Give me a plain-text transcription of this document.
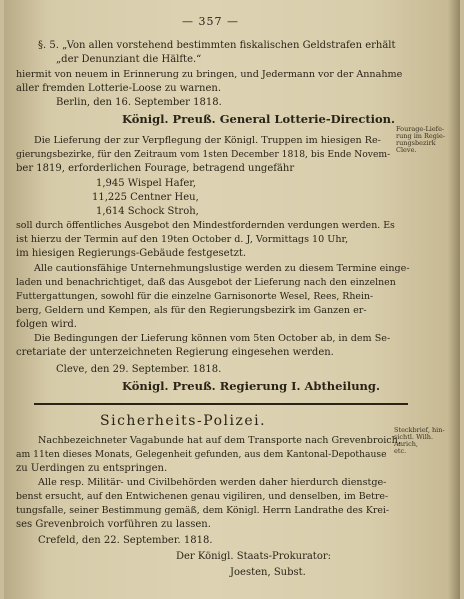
— 357 —
§. 5. „Von allen vorstehend bestimmten fiskalischen Geldstrafen erhält
„der Denunziant die Hälfte.“
hiermit von neuem in Erinnerung zu bringen, und Jedermann vor der Annahme
aller fremden Lotterie-Loose zu warnen.
Berlin, den 16. September 1818.
Königl. Preuß. General Lotterie-Direction.
Die Lieferung der zur Verpflegung der Königl. Truppen im hiesigen Re-
gierungsbezirke, für den Zeitraum vom 1sten December 1818, bis Ende Novem-
ber 1819, erforderlichen Fourage, betragend ungefähr
1,945 Wispel Hafer,
11,225 Centner Heu,
1,614 Schock Stroh,
soll durch öffentliches Ausgebot den Mindestfordernden verdungen werden. Es
ist hierzu der Termin auf den 19ten October d. J, Vormittags 10 Uhr,
im hiesigen Regierungs-Gebäude festgesetzt.
Alle cautionsfähige Unternehmungslustige werden zu diesem Termine einge-
laden und benachrichtiget, daß das Ausgebot der Lieferung nach den einzelnen
Futtergattungen, sowohl für die einzelne Garnisonorte Wesel, Rees, Rhein-
berg, Geldern und Kempen, als für den Regierungsbezirk im Ganzen er-
folgen wird.
Die Bedingungen der Lieferung können vom 5ten October ab, in dem Se-
cretariate der unterzeichneten Regierung eingesehen werden.
Cleve, den 29. September. 1818.
Königl. Preuß. Regierung I. Abtheilung.
Fourage-Liefe-
rung im Regie-
rungsbezirk
Cleve.
Sicherheits-Polizei.
Nachbezeichneter Vagabunde hat auf dem Transporte nach Grevenbroich,
am 11ten dieses Monats, Gelegenheit gefunden, aus dem Kantonal-Depothause
zu Uerdingen zu entspringen.
Alle resp. Militär- und Civilbehörden werden daher hierdurch dienstge-
benst ersucht, auf den Entwichenen genau vigiliren, und denselben, im Betre-
tungsfalle, seiner Bestimmung gemäß, dem Königl. Herrn Landrathe des Krei-
ses Grevenbroich vorführen zu lassen.
Crefeld, den 22. September. 1818.
Der Königl. Staats-Prokurator:
Joesten, Subst.
Steckbrief, hin-
sichtl. Wilh.
Anrich,
etc.
